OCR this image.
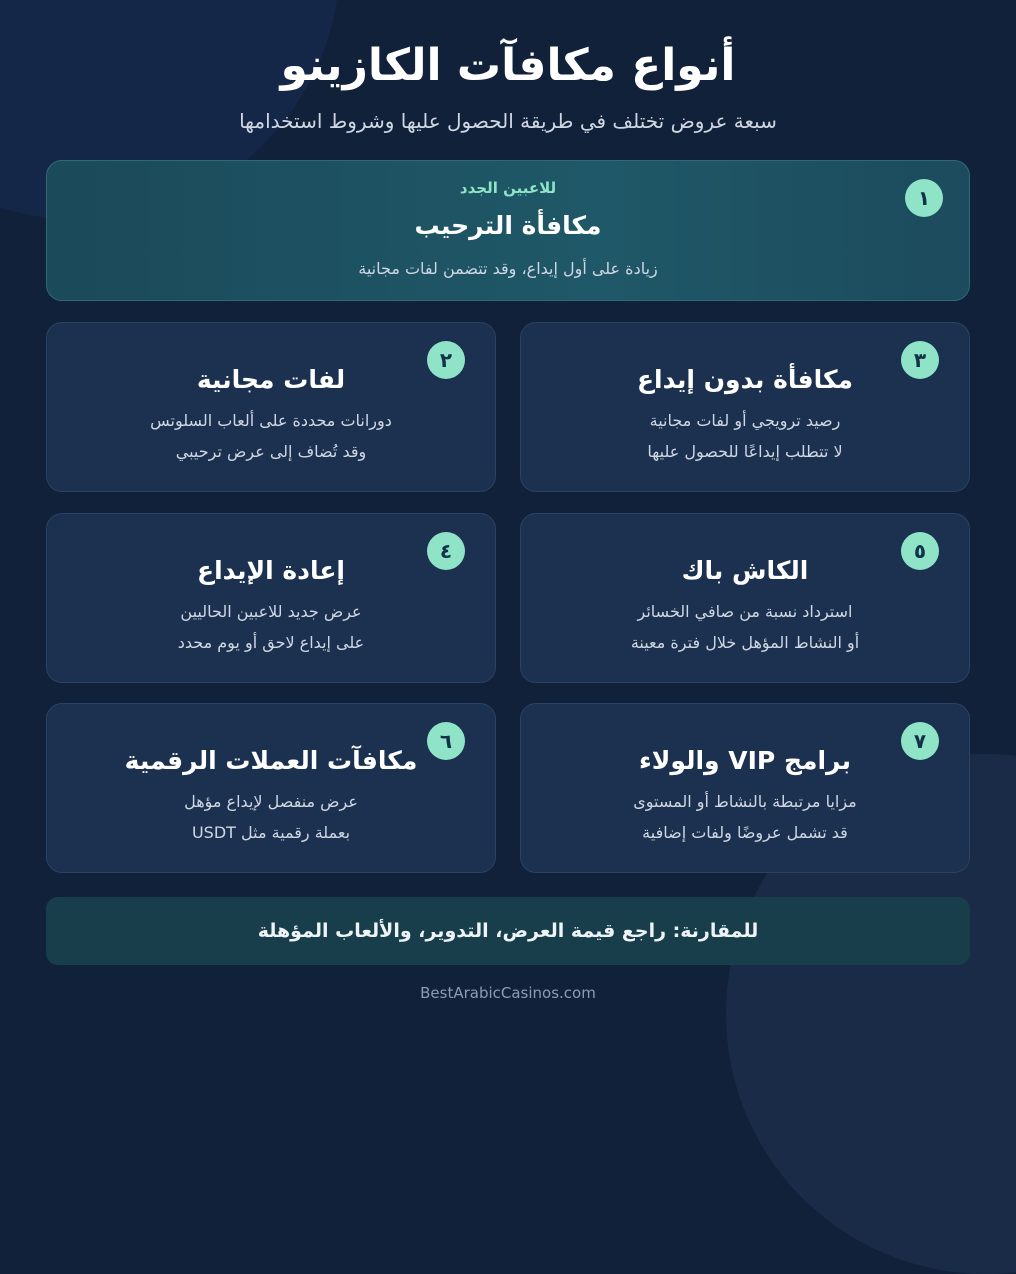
أنواع مكافآت الكازينو
سبعة عروض تختلف في طريقة الحصول عليها وشروط استخدامها
١
للاعبين الجدد
مكافأة الترحيب
زيادة على أول إيداع، وقد تتضمن لفات مجانية
٢
لفات مجانية
دورانات محددة على ألعاب السلوتس
وقد تُضاف إلى عرض ترحيبي
٣
مكافأة بدون إيداع
رصيد ترويجي أو لفات مجانية
لا تتطلب إيداعًا للحصول عليها
٤
إعادة الإيداع
عرض جديد للاعبين الحاليين
على إيداع لاحق أو يوم محدد
٥
الكاش باك
استرداد نسبة من صافي الخسائر
أو النشاط المؤهل خلال فترة معينة
٦
مكافآت العملات الرقمية
عرض منفصل لإيداع مؤهل
بعملة رقمية مثل USDT
٧
برامج VIP والولاء
مزايا مرتبطة بالنشاط أو المستوى
قد تشمل عروضًا ولفات إضافية
للمقارنة: راجع قيمة العرض، التدوير، والألعاب المؤهلة
BestArabicCasinos.com
